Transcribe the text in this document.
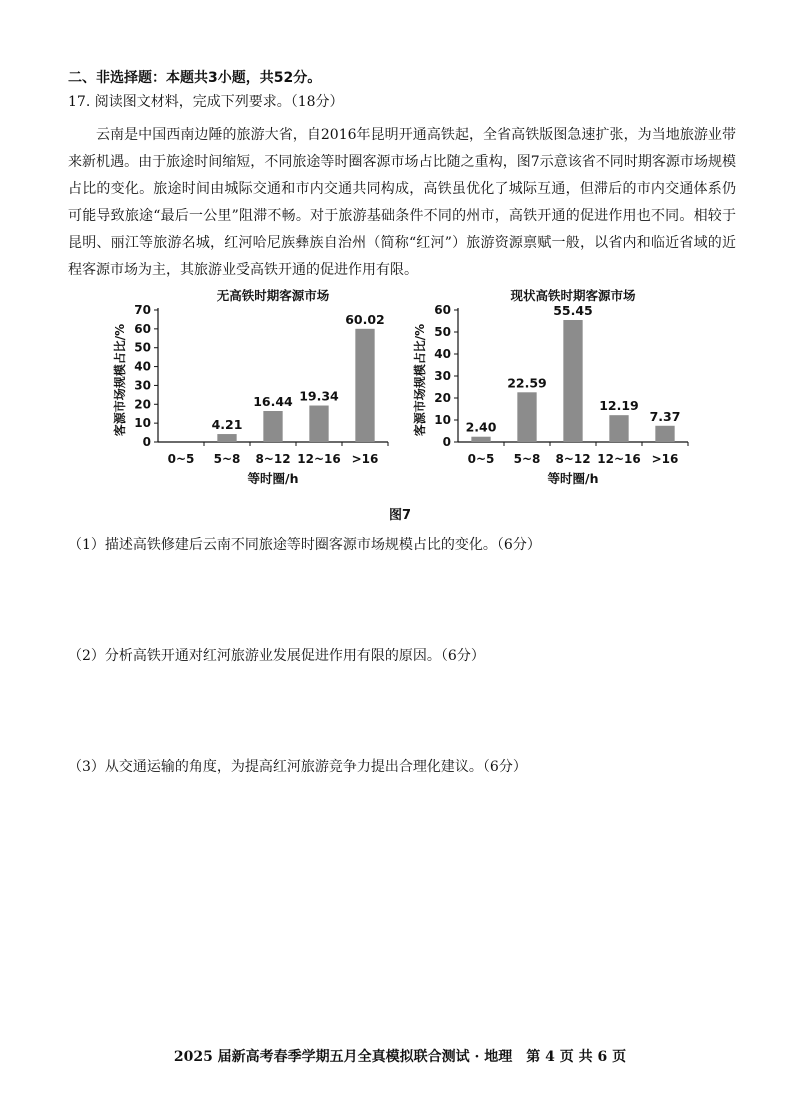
二、非选择题：本题共3小题，共52分。
17. 阅读图文材料，完成下列要求。（18分）

云南是中国西南边陲的旅游大省，自2016年昆明开通高铁起，全省高铁版图急速扩张，为当地旅游业带来新机遇。由于旅途时间缩短，不同旅途等时圈客源市场占比随之重构，图7示意该省不同时期客源市场规模占比的变化。旅途时间由城际交通和市内交通共同构成，高铁虽优化了城际互通，但滞后的市内交通体系仍可能导致旅途“最后一公里”阻滞不畅。对于旅游基础条件不同的州市，高铁开通的促进作用也不同。相较于昆明、丽江等旅游名城，红河哈尼族彝族自治州（简称“红河”）旅游资源禀赋一般，以省内和临近省域的近程客源市场为主，其旅游业受高铁开通的促进作用有限。

无高铁时期客源市场
客源市场规模占比/%
0
10
20
30
40
50
60
70
0~5
4.21
5~8
16.44
8~12
19.34
12~16
60.02
>16
等时圈/h
现状高铁时期客源市场
客源市场规模占比/%
0
10
20
30
40
50
60
2.40
0~5
22.59
5~8
55.45
8~12
12.19
12~16
7.37
>16
等时圈/h
图7
（1）描述高铁修建后云南不同旅途等时圈客源市场规模占比的变化。（6分）
（2）分析高铁开通对红河旅游业发展促进作用有限的原因。（6分）
（3）从交通运输的角度，为提高红河旅游竞争力提出合理化建议。（6分）
2025 届新高考春季学期五月全真模拟联合测试 · 地理　第 4 页 共 6 页
